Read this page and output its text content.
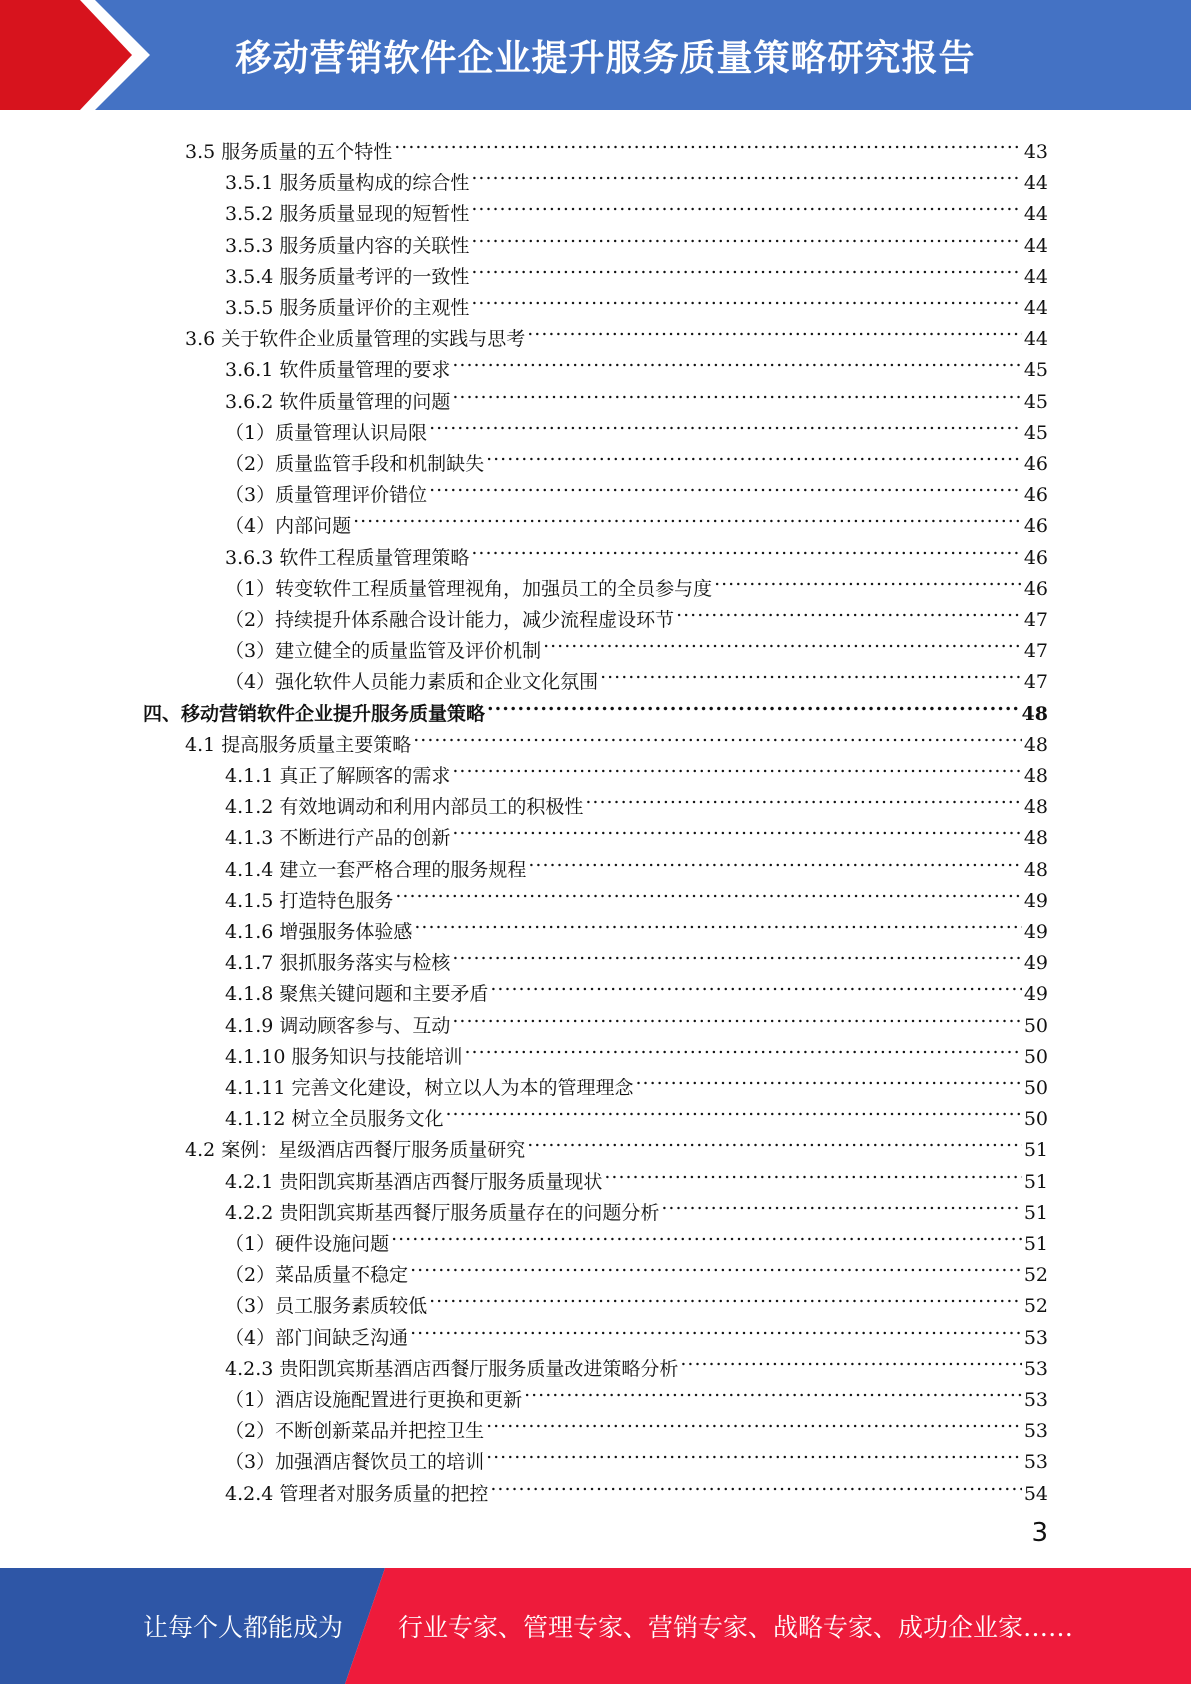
移动营销软件企业提升服务质量策略研究报告
3.5 服务质量的五个特性 .....	43
3.5.1 服务质量构成的综合性 .....	44
3.5.2 服务质量显现的短暂性 .....	44
3.5.3 服务质量内容的关联性 .....	44
3.5.4 服务质量考评的一致性 .....	44
3.5.5 服务质量评价的主观性 .....	44
3.6 关于软件企业质量管理的实践与思考 .....	44
3.6.1 软件质量管理的要求 .....	45
3.6.2 软件质量管理的问题 .....	45
（1）质量管理认识局限 .....	45
（2）质量监管手段和机制缺失 .....	46
（3）质量管理评价错位 .....	46
（4）内部问题 .....	46
3.6.3 软件工程质量管理策略 .....	46
（1）转变软件工程质量管理视角，加强员工的全员参与度 .....	46
（2）持续提升体系融合设计能力，减少流程虚设环节 .....	47
（3）建立健全的质量监管及评价机制 .....	47
（4）强化软件人员能力素质和企业文化氛围 .....	47
四、移动营销软件企业提升服务质量策略 .....	48
4.1 提高服务质量主要策略 .....	48
4.1.1 真正了解顾客的需求 .....	48
4.1.2 有效地调动和利用内部员工的积极性 .....	48
4.1.3 不断进行产品的创新 .....	48
4.1.4 建立一套严格合理的服务规程 .....	48
4.1.5 打造特色服务 .....	49
4.1.6 增强服务体验感 .....	49
4.1.7 狠抓服务落实与检核 .....	49
4.1.8 聚焦关键问题和主要矛盾 .....	49
4.1.9 调动顾客参与、互动 .....	50
4.1.10 服务知识与技能培训 .....	50
4.1.11 完善文化建设，树立以人为本的管理理念 .....	50
4.1.12 树立全员服务文化 .....	50
4.2 案例：星级酒店西餐厅服务质量研究 .....	51
4.2.1 贵阳凯宾斯基酒店西餐厅服务质量现状 .....	51
4.2.2 贵阳凯宾斯基西餐厅服务质量存在的问题分析 .....	51
（1）硬件设施问题 .....	51
（2）菜品质量不稳定 .....	52
（3）员工服务素质较低 .....	52
（4）部门间缺乏沟通 .....	53
4.2.3 贵阳凯宾斯基酒店西餐厅服务质量改进策略分析 .....	53
（1）酒店设施配置进行更换和更新 .....	53
（2）不断创新菜品并把控卫生 .....	53
（3）加强酒店餐饮员工的培训 .....	53
4.2.4 管理者对服务质量的把控 .....	54
3
让每个人都能成为 行业专家、管理专家、营销专家、战略专家、成功企业家……
